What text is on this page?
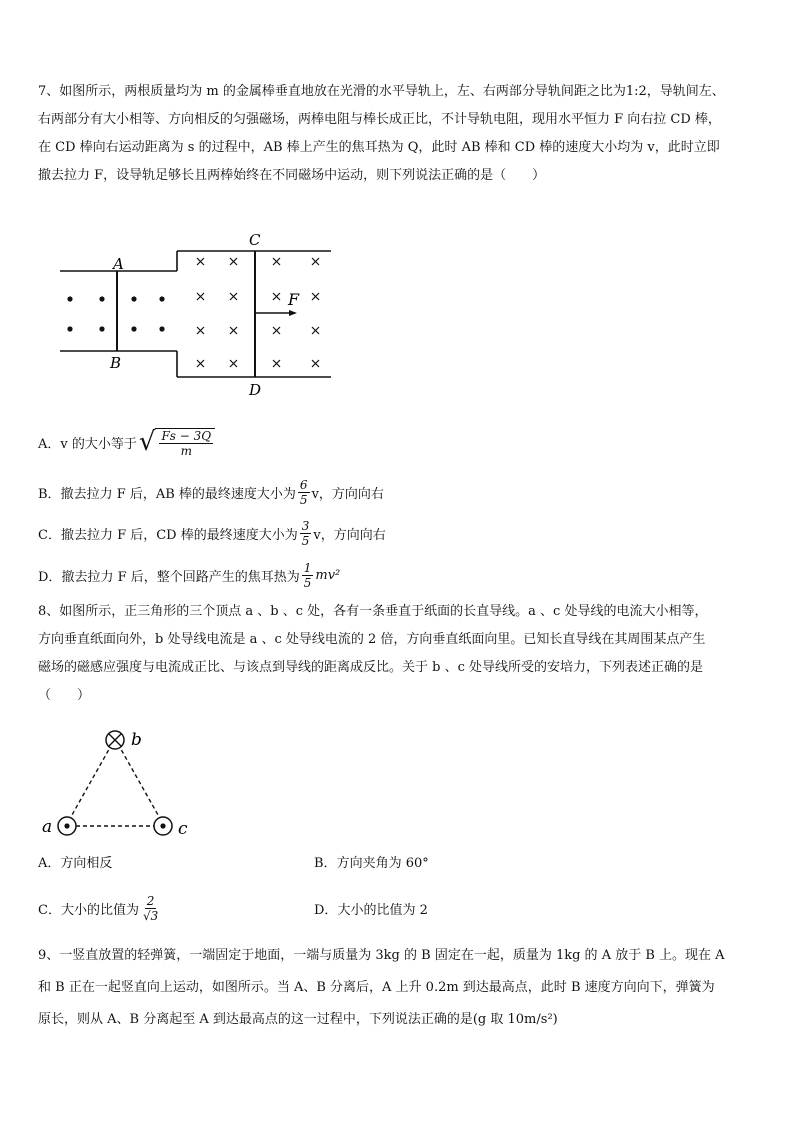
7、如图所示，两根质量均为 m 的金属棒垂直地放在光滑的水平导轨上，左、右两部分导轨间距之比为1:2，导轨间左、
右两部分有大小相等、方向相反的匀强磁场，两棒电阻与棒长成正比，不计导轨电阻，现用水平恒力 F 向右拉 CD 棒，
在 CD 棒向右运动距离为 s 的过程中，AB 棒上产生的焦耳热为 Q，此时 AB 棒和 CD 棒的速度大小均为 v，此时立即
撤去拉力 F，设导轨足够长且两棒始终在不同磁场中运动，则下列说法正确的是（　　）
A
B
C
D
F
A． v 的大小等于 √ $\frac{Fs - 3Q}{m}$
B． 撤去拉力 F 后，AB 棒的最终速度大小为 $\frac{6}{5}$ v，方向向右
C． 撤去拉力 F 后，CD 棒的最终速度大小为 $\frac{3}{5}$ v，方向向右
D． 撤去拉力 F 后，整个回路产生的焦耳热为 $\frac{1}{5} mv^2$
8、如图所示，正三角形的三个顶点 a 、b 、c 处，各有一条垂直于纸面的长直导线。a 、c 处导线的电流大小相等，
方向垂直纸面向外，b 处导线电流是 a 、c 处导线电流的 2 倍，方向垂直纸面向里。已知长直导线在其周围某点产生
磁场的磁感应强度与电流成正比、与该点到导线的距离成反比。关于 b 、c 处导线所受的安培力，下列表述正确的是
（　　）
b
a	c
A． 方向相反	B． 方向夹角为 60°
C． 大小的比值为 $\frac{2}{√3}$	D． 大小的比值为 2
9、一竖直放置的轻弹簧，一端固定于地面，一端与质量为 3kg 的 B 固定在一起，质量为 1kg 的 A 放于 B 上。现在 A
和 B 正在一起竖直向上运动，如图所示。当 A、B 分离后，A 上升 0.2m 到达最高点，此时 B 速度方向向下，弹簧为
原长，则从 A、B 分离起至 A 到达最高点的这一过程中，下列说法正确的是(g 取 10m/s²)
